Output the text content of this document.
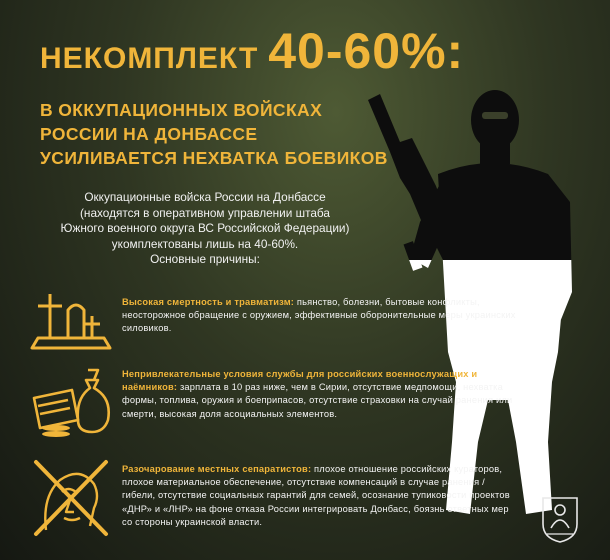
НЕКОМПЛЕКТ 40-60%:
В ОККУПАЦИОННЫХ ВОЙСКАХ
РОССИИ НА ДОНБАССЕ
УСИЛИВАЕТСЯ НЕХВАТКА БОЕВИКОВ

Оккупационные войска России на Донбассе
(находятся в оперативном управлении штаба
Южного военного округа ВС Российской Федерации)
укомплектованы лишь на 40-60%.
Основные причины:

Высокая смертность и травматизм: пьянство, болезни, бытовые конфликты, неосторожное обращение с оружием, эффективные оборонительные меры украинских силовиков.

Непривлекательные условия службы для российских военнослужащих и наёмников: зарплата в 10 раз ниже, чем в Сирии, отсутствие медпомощи, нехватка формы, топлива, оружия и боеприпасов, отсутствие страховки на случай ранения или смерти, высокая доля асоциальных элементов.

Разочарование местных сепаратистов: плохое отношение российских кураторов, плохое материальное обеспечение, отсутствие компенсаций в случае ранения / гибели, отсутствие социальных гарантий для семей, осознание тупиковости проектов «ДНР» и «ЛНР» на фоне отказа России интегрировать Донбасс, боязнь ответных мер со стороны украинской власти.
